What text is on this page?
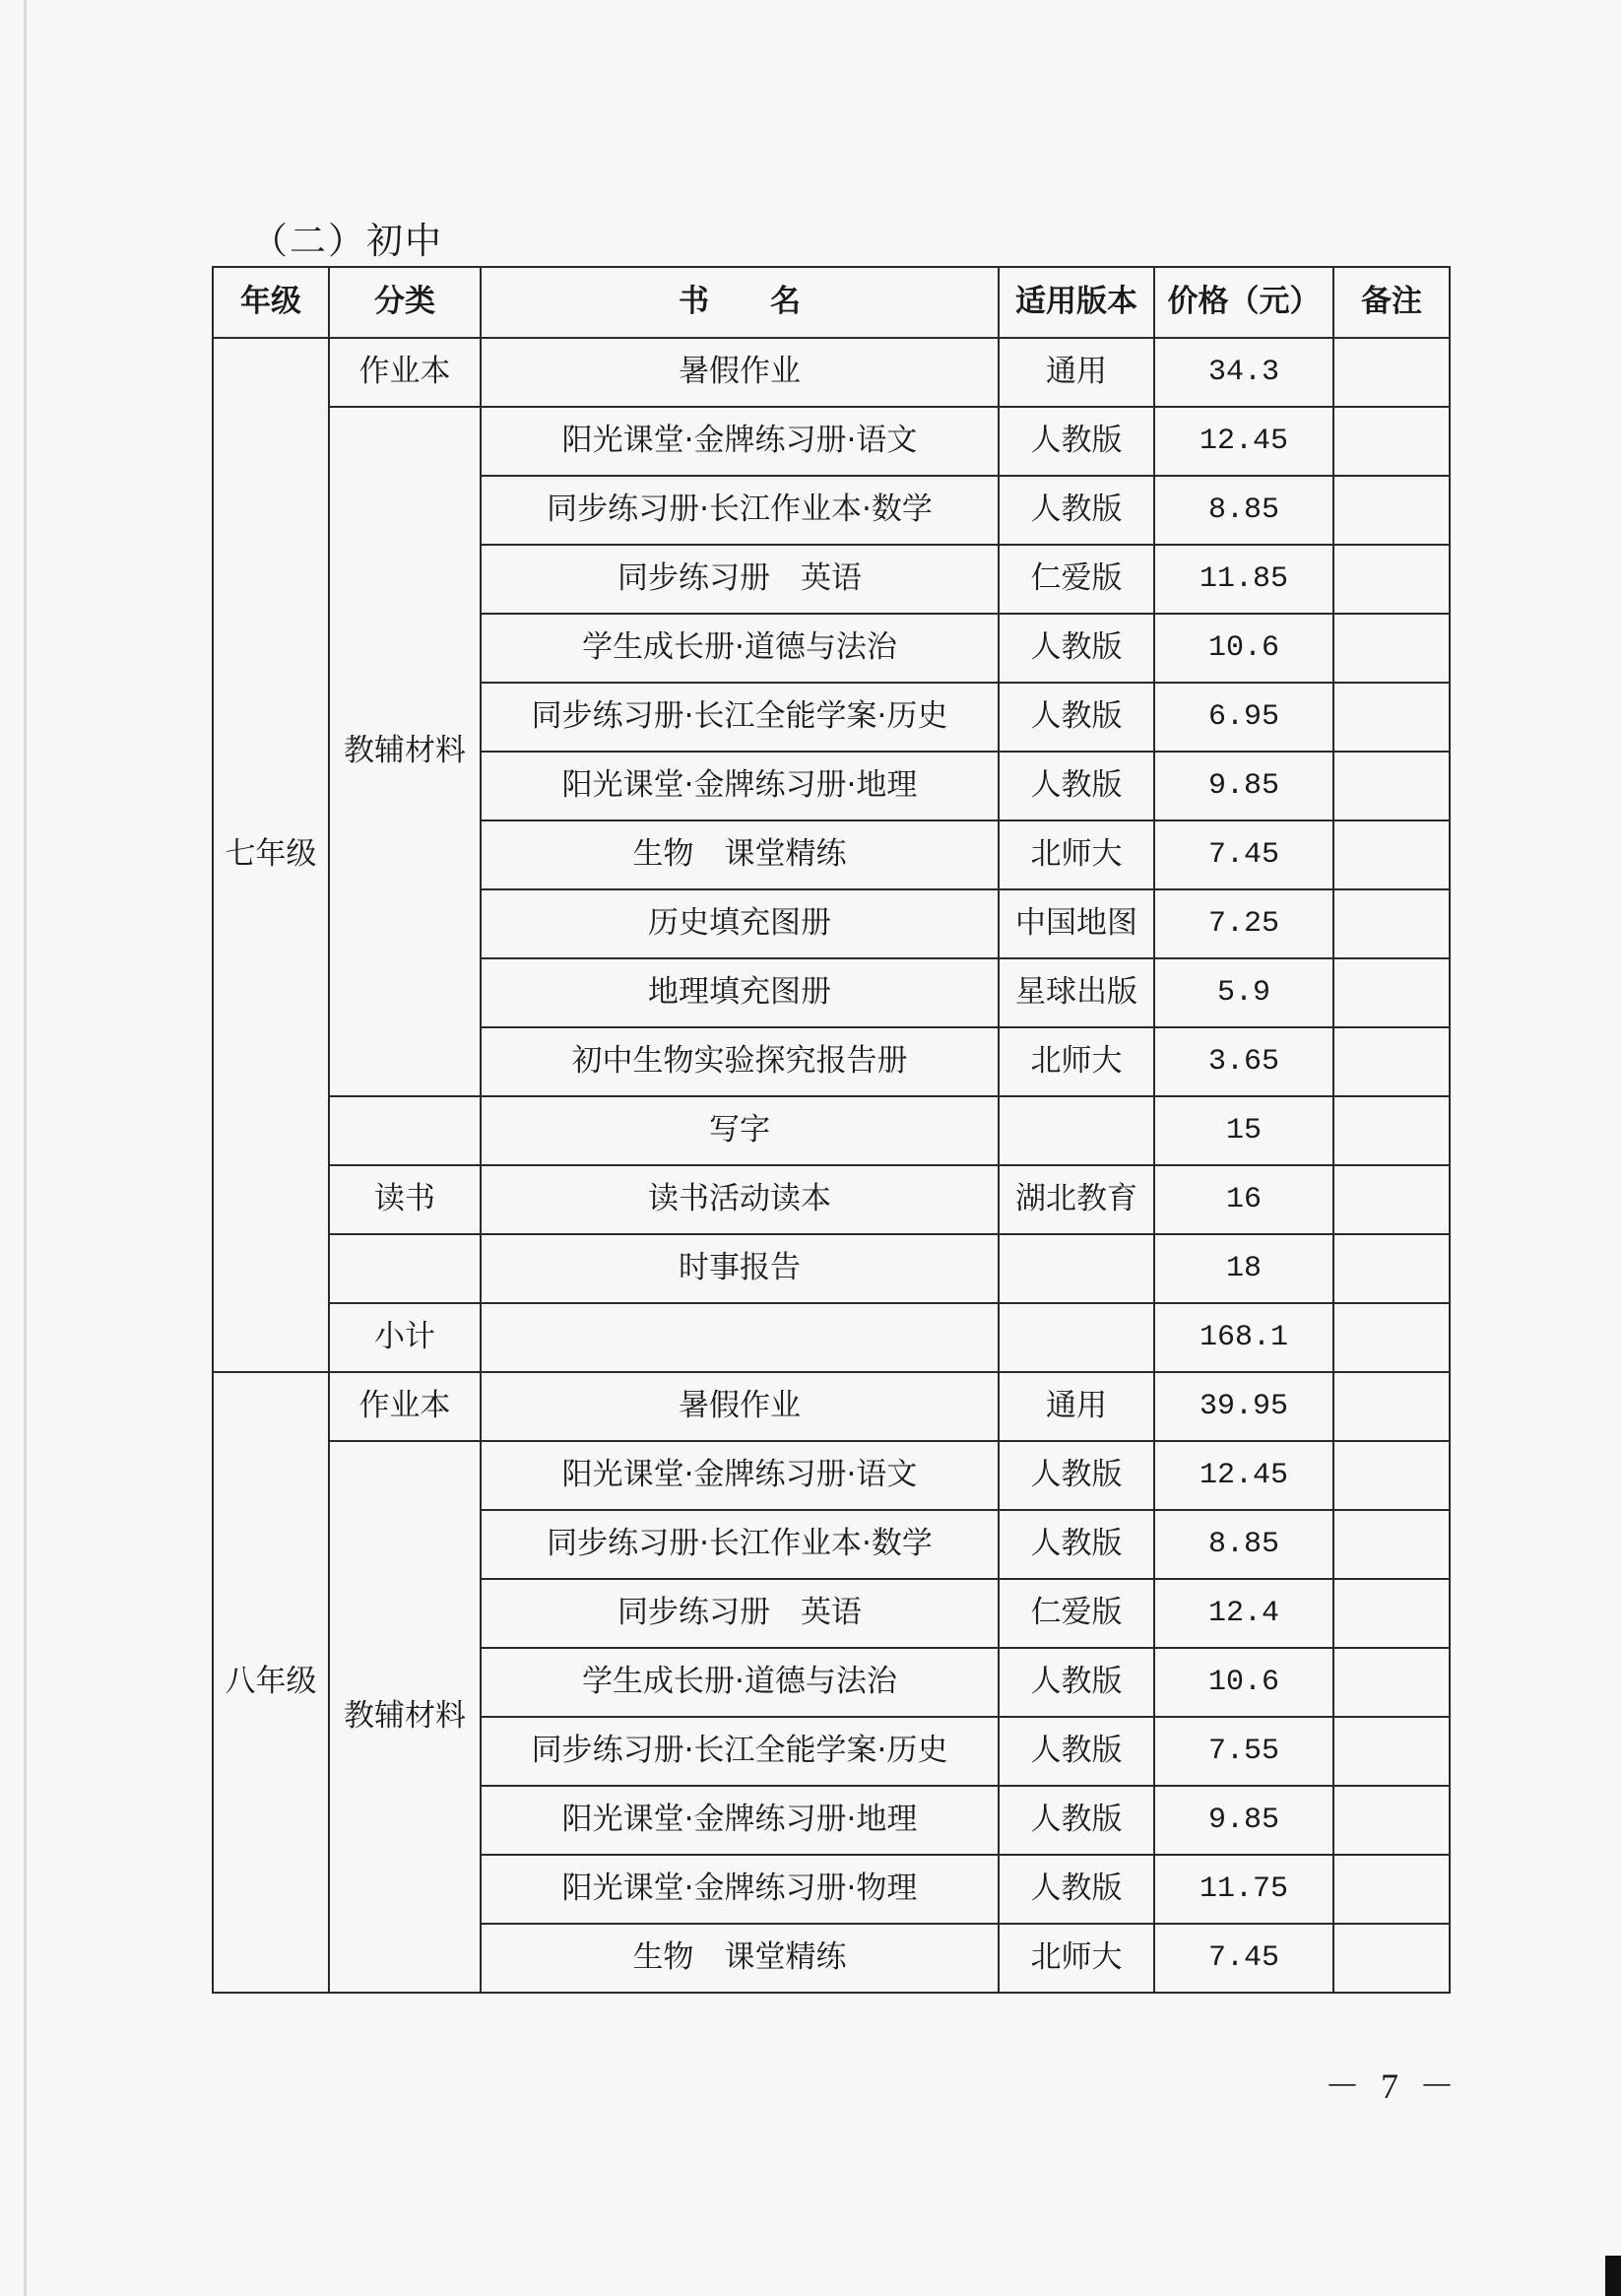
（二）初中
年级	分类	书　　名	适用版本	价格（元）	备注
七年级	作业本	暑假作业	通用	34.3	
	教辅材料	阳光课堂·金牌练习册·语文	人教版	12.45	
		同步练习册·长江作业本·数学	人教版	8.85	
		同步练习册　英语	仁爱版	11.85	
		学生成长册·道德与法治	人教版	10.6	
		同步练习册·长江全能学案·历史	人教版	6.95	
		阳光课堂·金牌练习册·地理	人教版	9.85	
		生物　课堂精练	北师大	7.45	
		历史填充图册	中国地图	7.25	
		地理填充图册	星球出版	5.9	
		初中生物实验探究报告册	北师大	3.65	
		写字		15	
	读书	读书活动读本	湖北教育	16	
		时事报告		18	
	小计			168.1	
八年级	作业本	暑假作业	通用	39.95	
	教辅材料	阳光课堂·金牌练习册·语文	人教版	12.45	
		同步练习册·长江作业本·数学	人教版	8.85	
		同步练习册　英语	仁爱版	12.4	
		学生成长册·道德与法治	人教版	10.6	
		同步练习册·长江全能学案·历史	人教版	7.55	
		阳光课堂·金牌练习册·地理	人教版	9.85	
		阳光课堂·金牌练习册·物理	人教版	11.75	
		生物　课堂精练	北师大	7.45	
－ 7 －
